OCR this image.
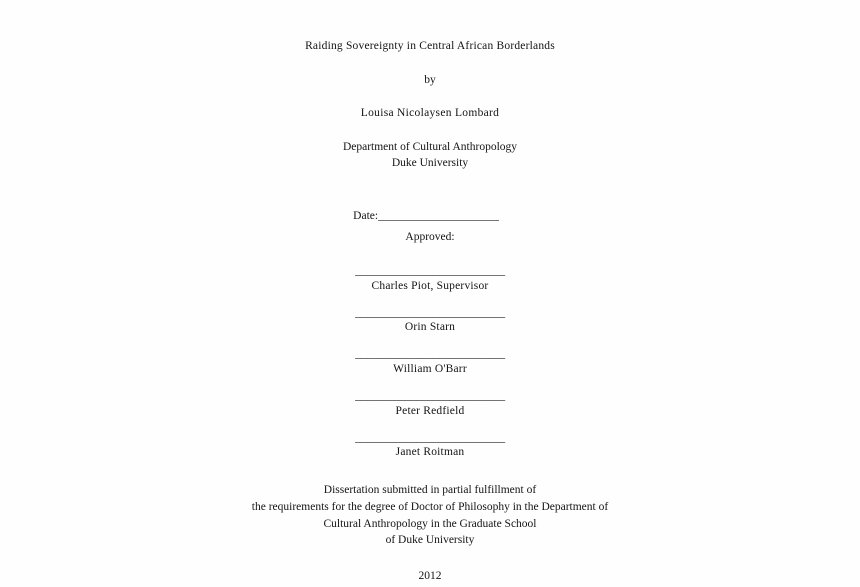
Raiding Sovereignty in Central African Borderlands
by
Louisa Nicolaysen Lombard
Department of Cultural Anthropology
Duke University
Date:_____________________
Approved:
___________________________
Charles Piot, Supervisor
___________________________
Orin Starn
___________________________
William O'Barr
___________________________
Peter Redfield
___________________________
Janet Roitman
Dissertation submitted in partial fulfillment of
the requirements for the degree of Doctor of Philosophy in the Department of
Cultural Anthropology in the Graduate School
of Duke University
2012
